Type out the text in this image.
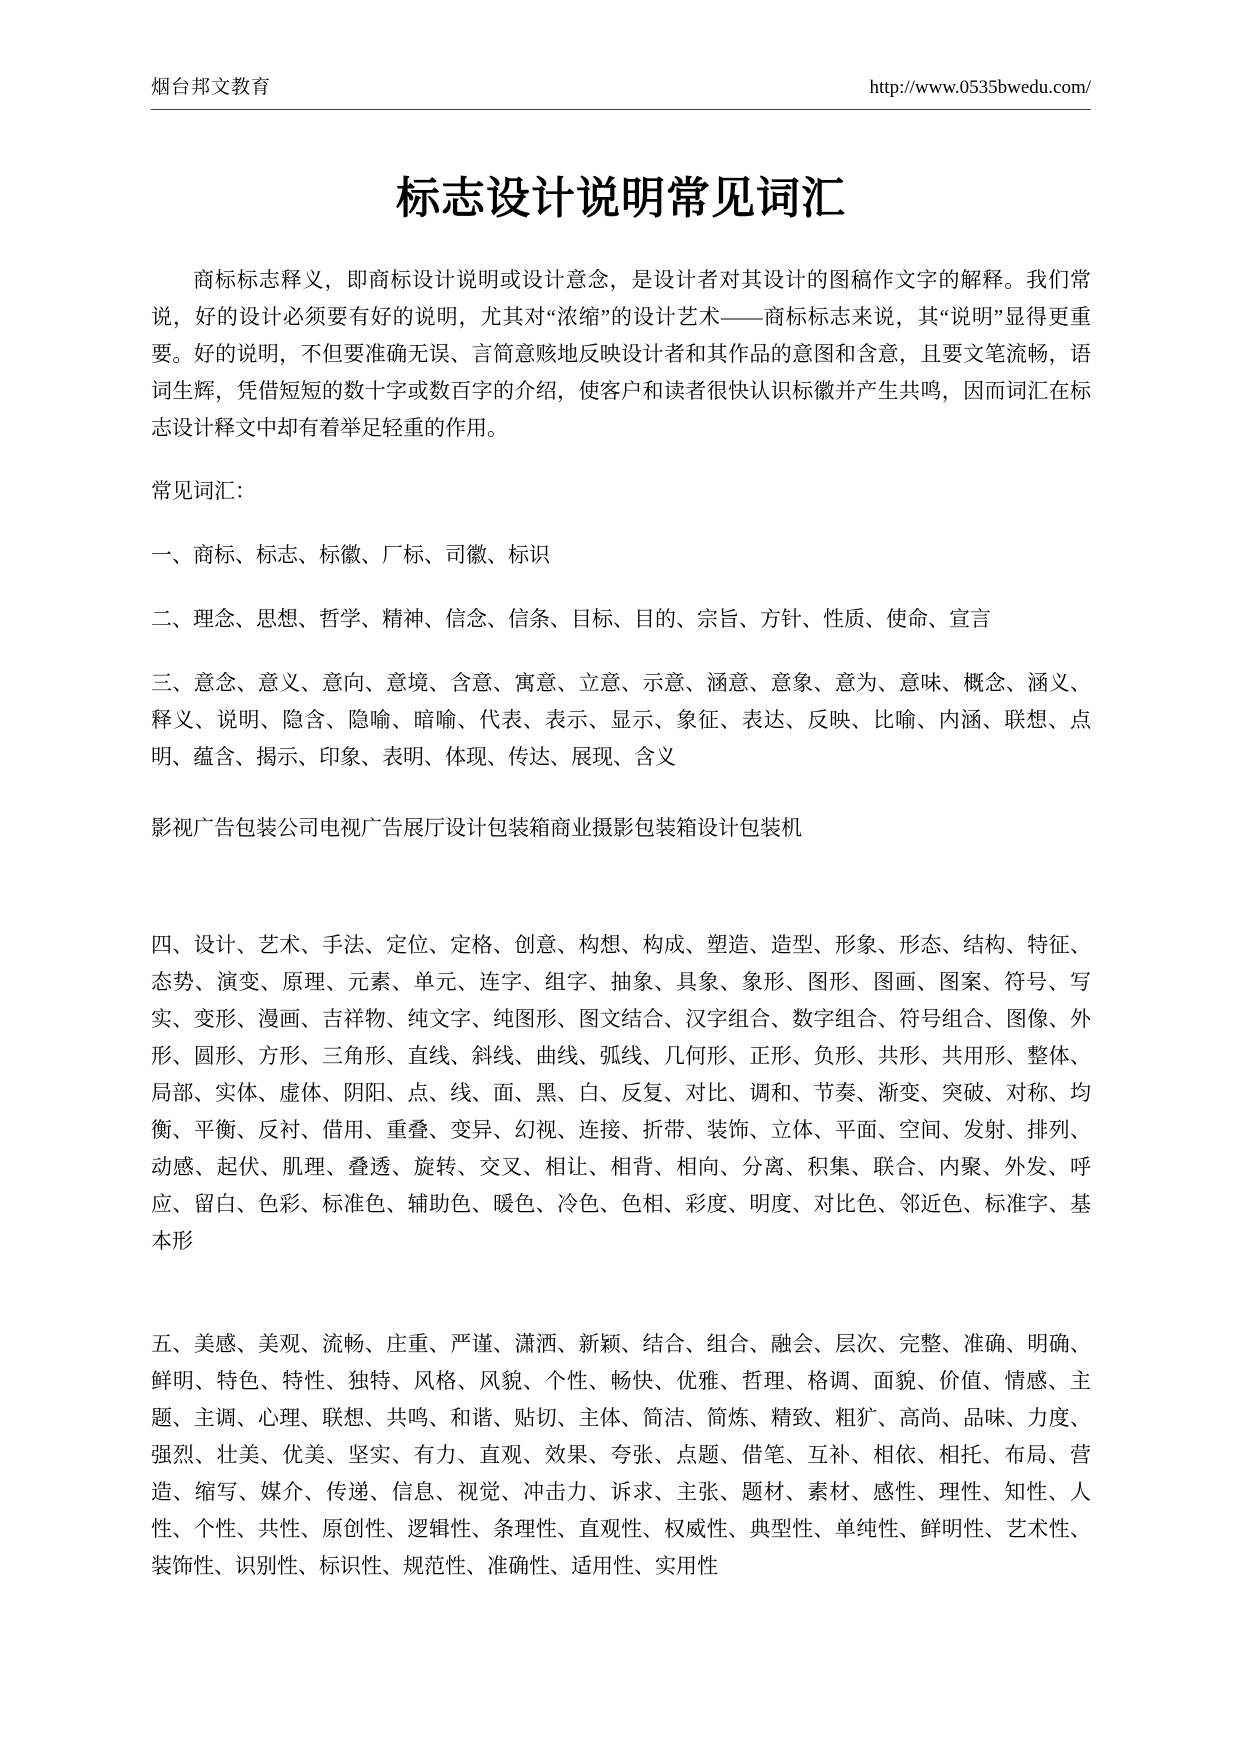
烟台邦文教育	http://www.0535bwedu.com/
标志设计说明常见词汇

商标标志释义，即商标设计说明或设计意念，是设计者对其设计的图稿作文字的解释。我们常说，好的设计必须要有好的说明，尤其对“浓缩”的设计艺术——商标标志来说，其“说明”显得更重要。好的说明，不但要准确无误、言简意赅地反映设计者和其作品的意图和含意，且要文笔流畅，语词生辉，凭借短短的数十字或数百字的介绍，使客户和读者很快认识标徽并产生共鸣，因而词汇在标志设计释文中却有着举足轻重的作用。

常见词汇：

一、商标、标志、标徽、厂标、司徽、标识

二、理念、思想、哲学、精神、信念、信条、目标、目的、宗旨、方针、性质、使命、宣言

三、意念、意义、意向、意境、含意、寓意、立意、示意、涵意、意象、意为、意味、概念、涵义、释义、说明、隐含、隐喻、暗喻、代表、表示、显示、象征、表达、反映、比喻、内涵、联想、点明、蕴含、揭示、印象、表明、体现、传达、展现、含义

影视广告包装公司电视广告展厅设计包装箱商业摄影包装箱设计包装机

四、设计、艺术、手法、定位、定格、创意、构想、构成、塑造、造型、形象、形态、结构、特征、态势、演变、原理、元素、单元、连字、组字、抽象、具象、象形、图形、图画、图案、符号、写实、变形、漫画、吉祥物、纯文字、纯图形、图文结合、汉字组合、数字组合、符号组合、图像、外形、圆形、方形、三角形、直线、斜线、曲线、弧线、几何形、正形、负形、共形、共用形、整体、局部、实体、虚体、阴阳、点、线、面、黑、白、反复、对比、调和、节奏、渐变、突破、对称、均衡、平衡、反衬、借用、重叠、变异、幻视、连接、折带、装饰、立体、平面、空间、发射、排列、动感、起伏、肌理、叠透、旋转、交叉、相让、相背、相向、分离、积集、联合、内聚、外发、呼应、留白、色彩、标准色、辅助色、暖色、冷色、色相、彩度、明度、对比色、邻近色、标准字、基本形

五、美感、美观、流畅、庄重、严谨、潇洒、新颖、结合、组合、融会、层次、完整、准确、明确、鲜明、特色、特性、独特、风格、风貌、个性、畅快、优雅、哲理、格调、面貌、价值、情感、主题、主调、心理、联想、共鸣、和谐、贴切、主体、简洁、简炼、精致、粗犷、高尚、品味、力度、强烈、壮美、优美、坚实、有力、直观、效果、夸张、点题、借笔、互补、相依、相托、布局、营造、缩写、媒介、传递、信息、视觉、冲击力、诉求、主张、题材、素材、感性、理性、知性、人性、个性、共性、原创性、逻辑性、条理性、直观性、权威性、典型性、单纯性、鲜明性、艺术性、装饰性、识别性、标识性、规范性、准确性、适用性、实用性
